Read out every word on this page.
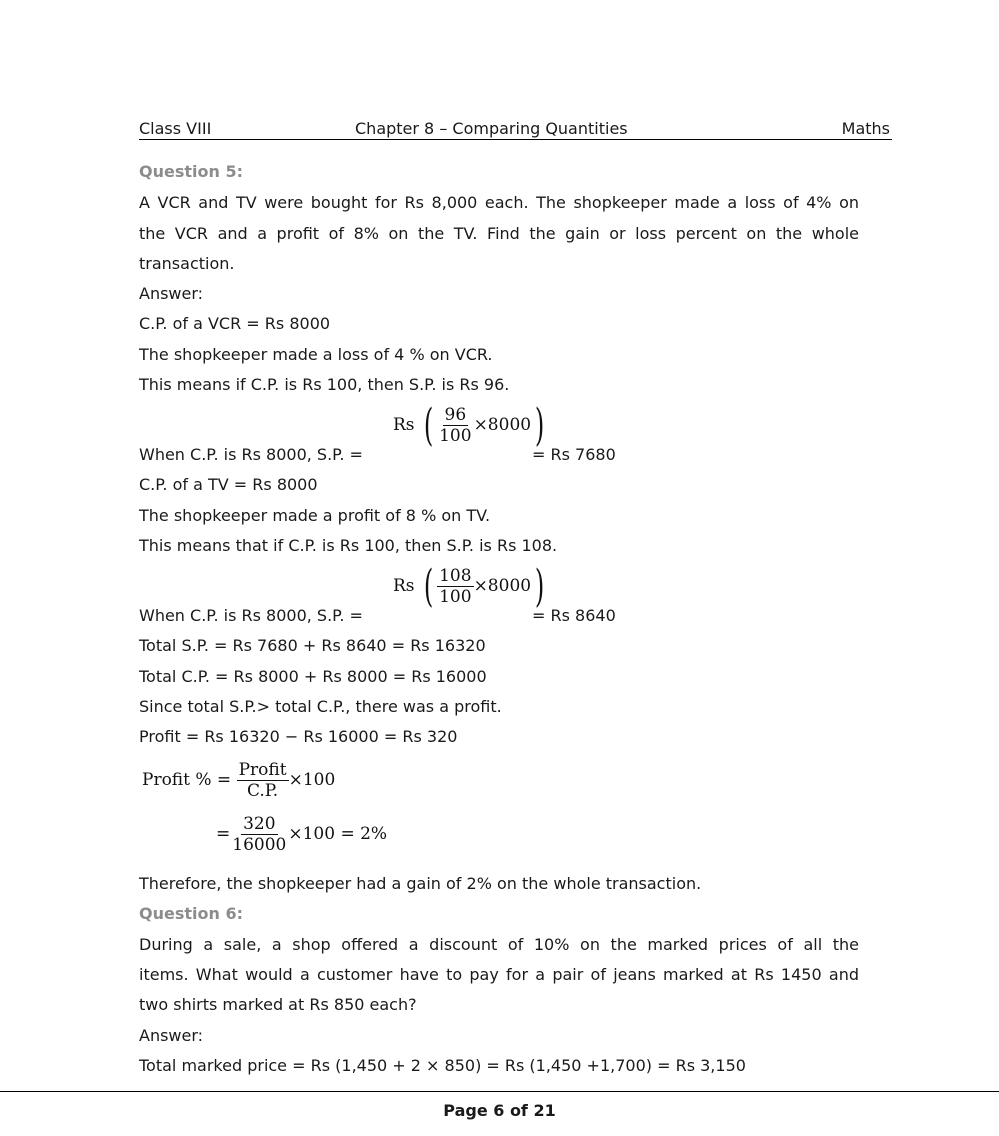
Class VIII	Chapter 8 – Comparing Quantities	Maths
Question 5:
A VCR and TV were bought for Rs 8,000 each. The shopkeeper made a loss of 4% on
the VCR and a profit of 8% on the TV. Find the gain or loss percent on the whole
transaction.
Answer:
C.P. of a VCR = Rs 8000
The shopkeeper made a loss of 4 % on VCR.
This means if C.P. is Rs 100, then S.P. is Rs 96.
When C.P. is Rs 8000, S.P. =
Rs ( $\frac{96}{100} \times 8000$)
= Rs 7680
C.P. of a TV = Rs 8000
The shopkeeper made a profit of 8 % on TV.
This means that if C.P. is Rs 100, then S.P. is Rs 108.
When C.P. is Rs 8000, S.P. =
Rs ( $\frac{108}{100} \times 8000$)
= Rs 8640
Total S.P. = Rs 7680 + Rs 8640 = Rs 16320
Total C.P. = Rs 8000 + Rs 8000 = Rs 16000
Since total S.P.> total C.P., there was a profit.
Profit = Rs 16320 − Rs 16000 = Rs 320
Profit % = $\frac{\text{Profit}}{C.P.} \times 100$
= $\frac{320}{16000} \times 100 = 2\%$
Therefore, the shopkeeper had a gain of 2% on the whole transaction.
Question 6:
During a sale, a shop offered a discount of 10% on the marked prices of all the
items. What would a customer have to pay for a pair of jeans marked at Rs 1450 and
two shirts marked at Rs 850 each?
Answer:
Total marked price = Rs (1,450 + 2 × 850) = Rs (1,450 +1,700) = Rs 3,150
Page 6 of 21
